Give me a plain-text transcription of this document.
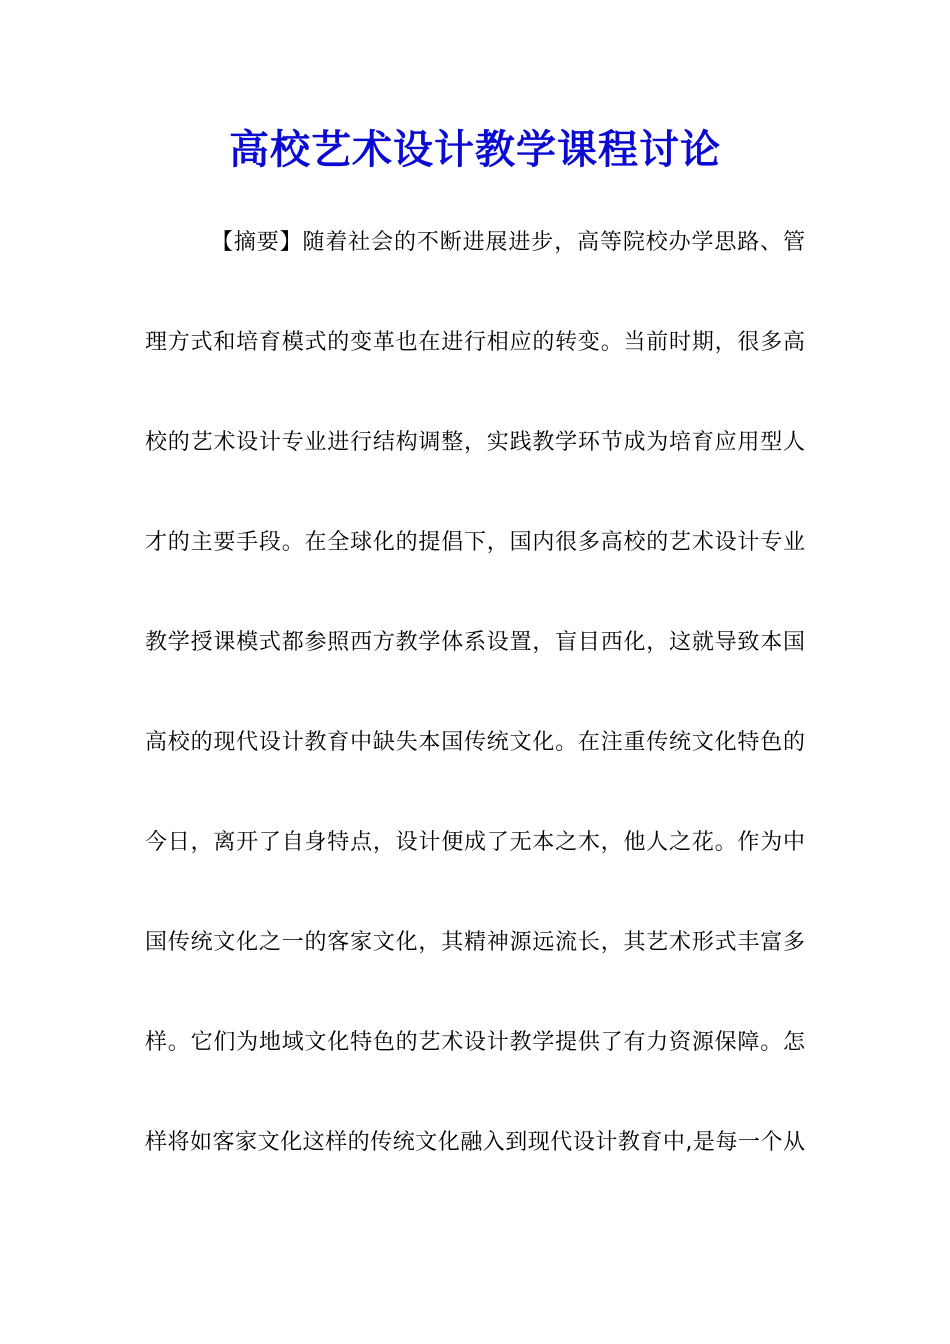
高校艺术设计教学课程讨论
【摘要】随着社会的不断进展进步，高等院校办学思路、管
理方式和培育模式的变革也在进行相应的转变。当前时期，很多高
校的艺术设计专业进行结构调整，实践教学环节成为培育应用型人
才的主要手段。在全球化的提倡下，国内很多高校的艺术设计专业
教学授课模式都参照西方教学体系设置，盲目西化，这就导致本国
高校的现代设计教育中缺失本国传统文化。在注重传统文化特色的
今日，离开了自身特点，设计便成了无本之木，他人之花。作为中
国传统文化之一的客家文化，其精神源远流长，其艺术形式丰富多
样。它们为地域文化特色的艺术设计教学提供了有力资源保障。怎
样将如客家文化这样的传统文化融入到现代设计教育中,是每一个从
